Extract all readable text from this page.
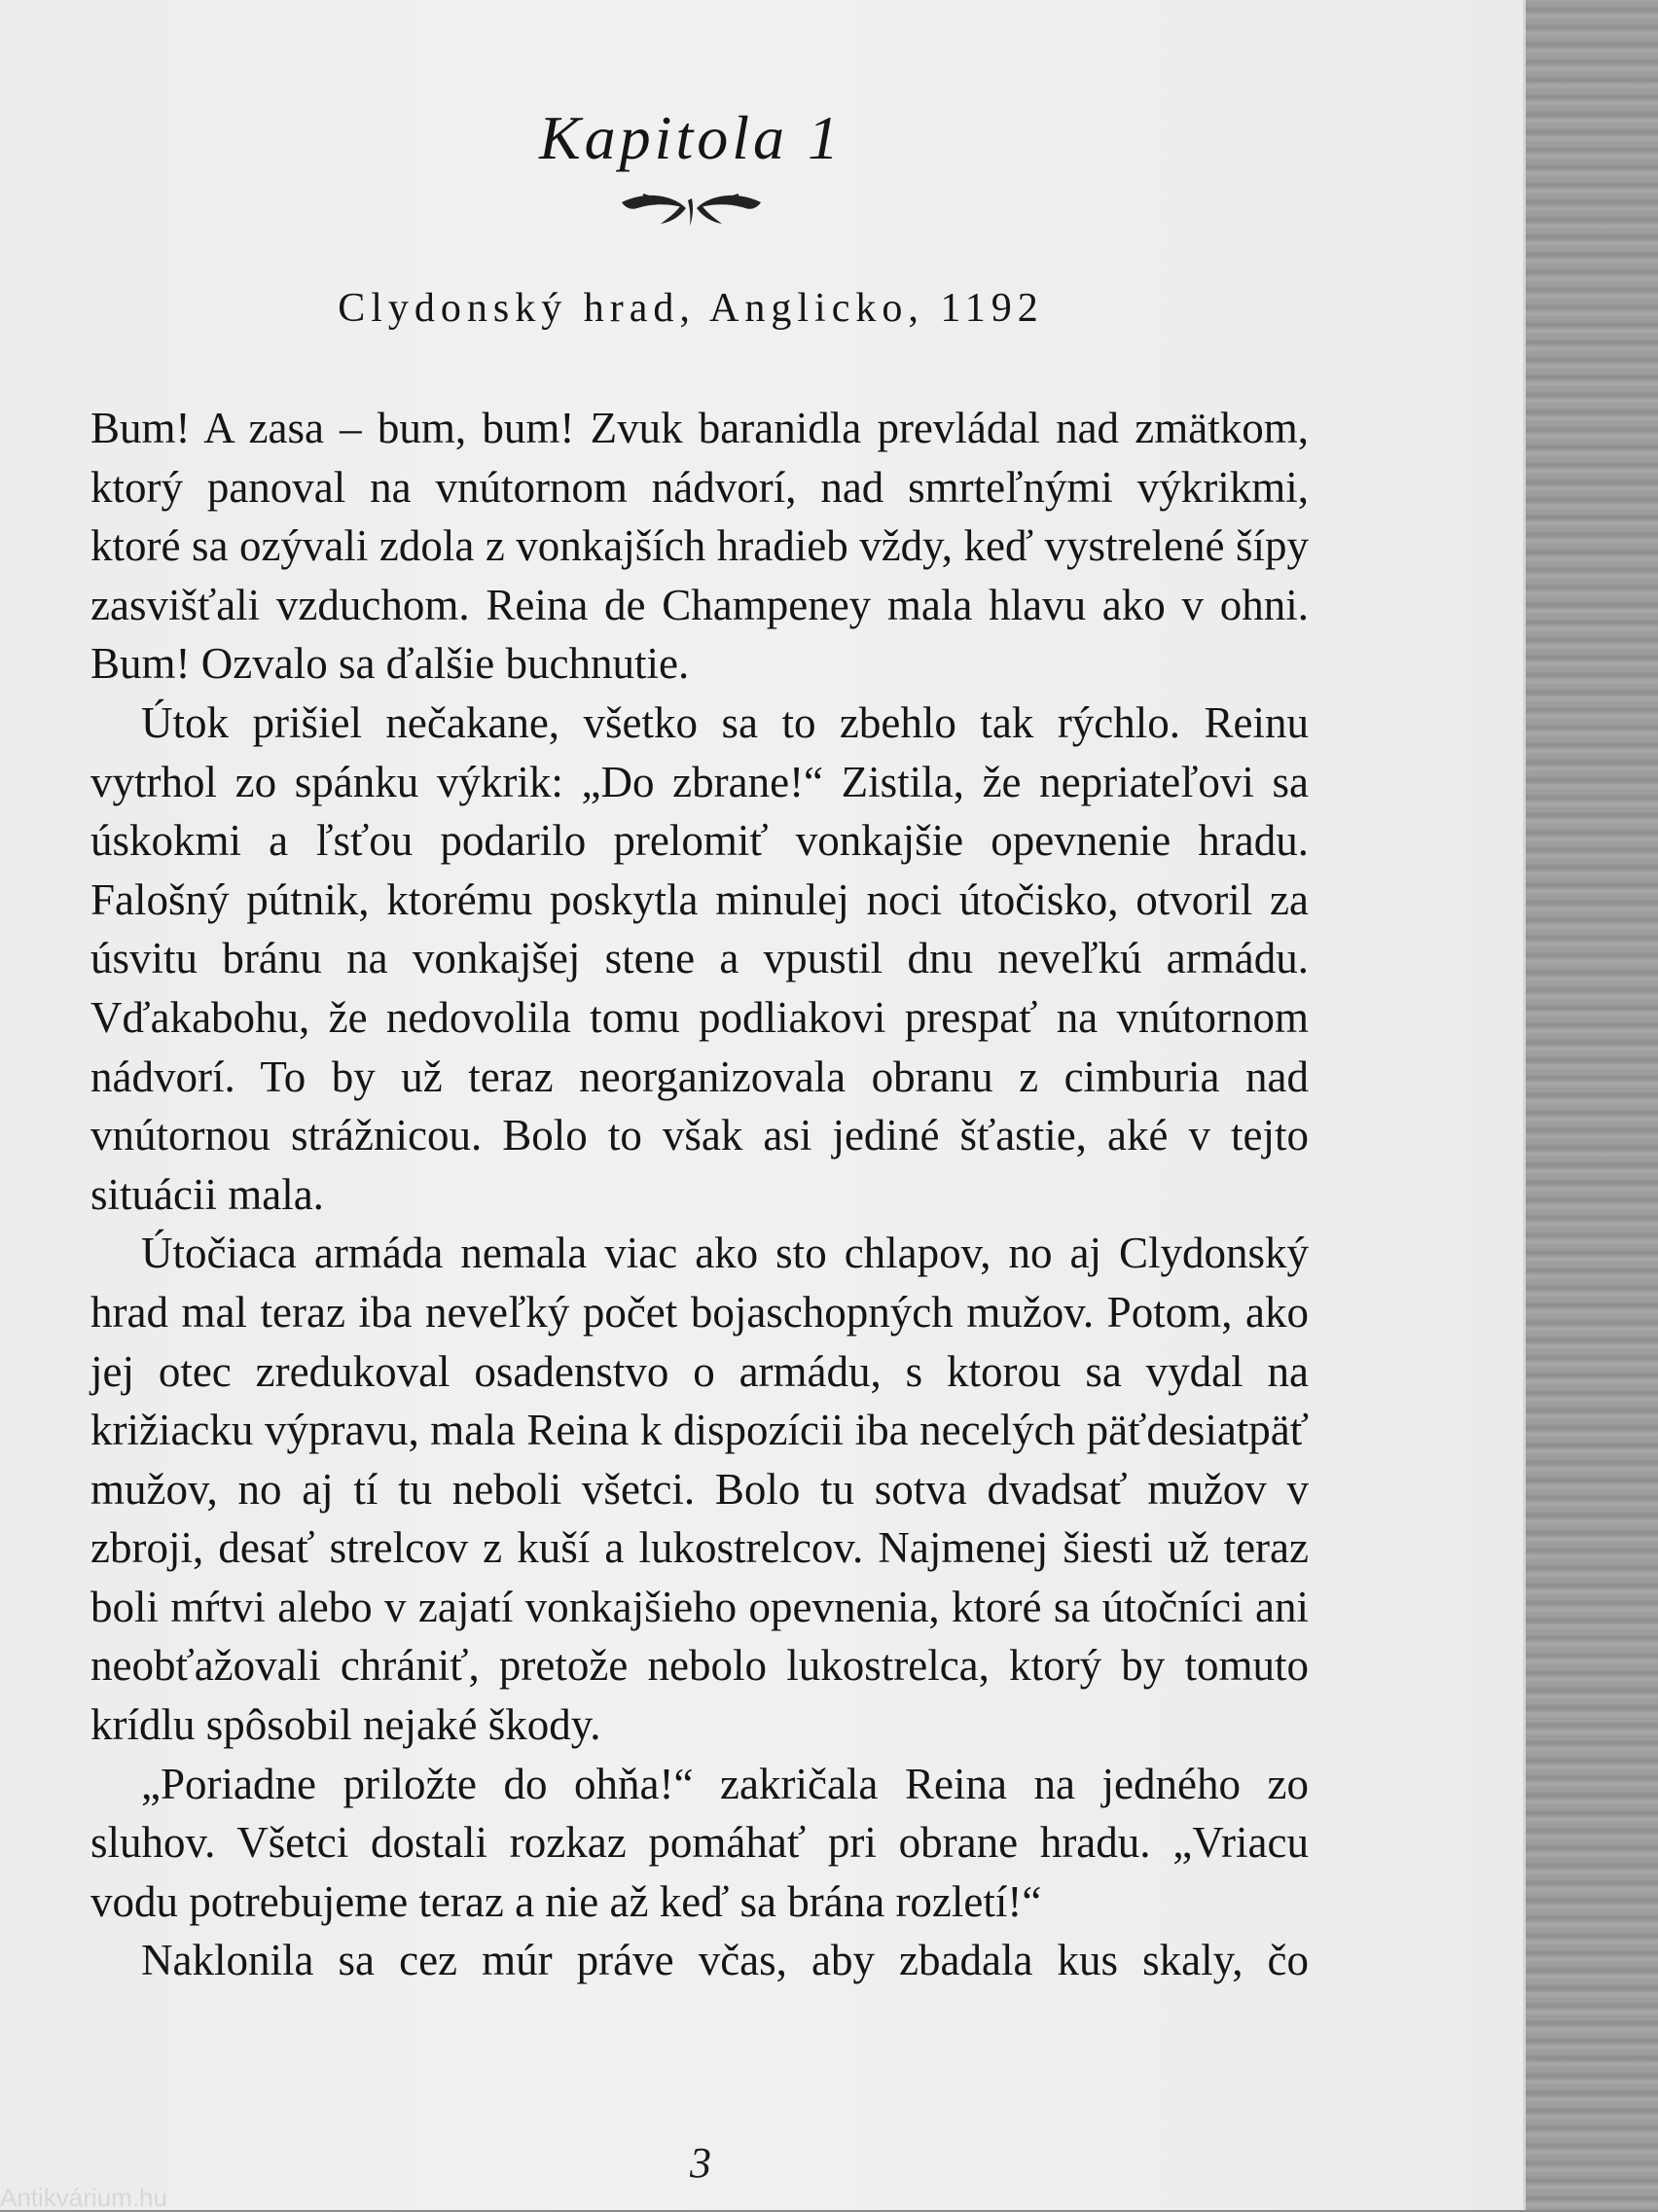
Kapitola 1

Clydonský hrad, Anglicko, 1192

Bum! A zasa – bum, bum! Zvuk baranidla prevládal nad zmätkom, ktorý panoval na vnútornom nádvorí, nad smrteľnými výkrikmi, ktoré sa ozývali zdola z vonkajších hradieb vždy, keď vystrelené šípy zasvišťali vzduchom. Reina de Champeney mala hlavu ako v ohni. Bum! Ozvalo sa ďalšie buchnutie.

Útok prišiel nečakane, všetko sa to zbehlo tak rýchlo. Reinu vytrhol zo spánku výkrik: „Do zbrane!“ Zistila, že nepriateľovi sa úskokmi a ľsťou podarilo prelomiť vonkajšie opevnenie hradu. Falošný pútnik, ktorému poskytla minulej noci útočisko, otvoril za úsvitu bránu na vonkajšej stene a vpustil dnu neveľkú armádu. Vďakabohu, že nedovolila tomu podliakovi prespať na vnútornom nádvorí. To by už teraz neorganizovala obranu z cimburia nad vnútornou strážnicou. Bolo to však asi jediné šťastie, aké v tejto situácii mala.

Útočiaca armáda nemala viac ako sto chlapov, no aj Clydonský hrad mal teraz iba neveľký počet bojaschopných mužov. Potom, ako jej otec zredukoval osadenstvo o armádu, s ktorou sa vydal na križiacku výpravu, mala Reina k dispozícii iba necelých päťdesiatpäť mužov, no aj tí tu neboli všetci. Bolo tu sotva dvadsať mužov v zbroji, desať strelcov z kuší a lukostrelcov. Najmenej šiesti už teraz boli mŕtvi alebo v zajatí vonkajšieho opevnenia, ktoré sa útočníci ani neobťažovali chrániť, pretože nebolo lukostrelca, ktorý by tomuto krídlu spôsobil nejaké škody.

„Poriadne priložte do ohňa!“ zakričala Reina na jedného zo sluhov. Všetci dostali rozkaz pomáhať pri obrane hradu. „Vriacu vodu potrebujeme teraz a nie až keď sa brána rozletí!“

Naklonila sa cez múr práve včas, aby zbadala kus skaly, čo

3
Antikvárium.hu
